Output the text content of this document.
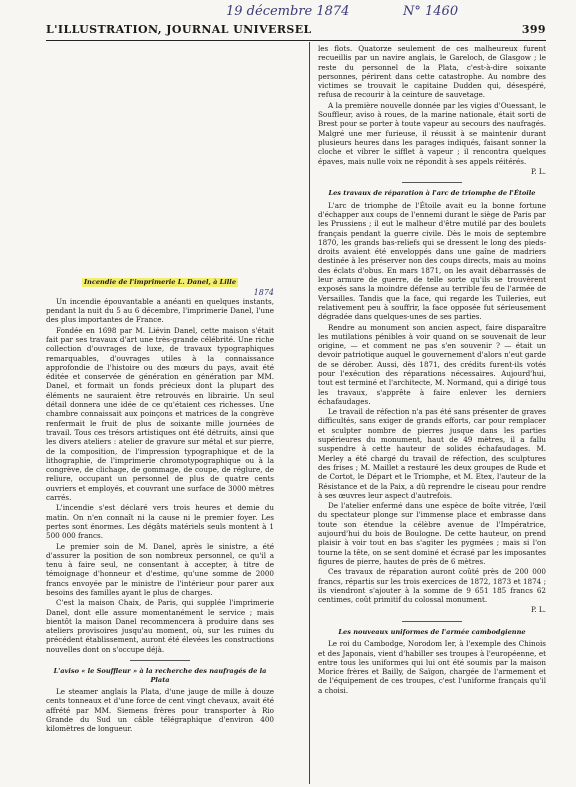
19 décembre 1874	N° 1460
L'ILLUSTRATION, JOURNAL UNIVERSEL	399
Incendie de l'imprimerie L. Danel, à Lille
1874

Un incendie épouvantable a anéanti en quelques instants, pendant la nuit du 5 au 6 décembre, l'imprimerie Danel, l'une des plus importantes de France.

Fondée en 1698 par M. Liévin Danel, cette maison s'était fait par ses travaux d'art une très-grande célébrité. Une riche collection d'ouvrages de luxe, de travaux typographiques remarquables, d'ouvrages utiles à la connaissance approfondie de l'histoire ou des mœurs du pays, avait été éditée et conservée de génération en génération par MM. Danel, et formait un fonds précieux dont la plupart des éléments ne sauraient être retrouvés en librairie. Un seul détail donnera une idée de ce qu'étaient ces richesses. Une chambre connaissait aux poinçons et matrices de la congrève renfermait le fruit de plus de soixante mille journées de travail. Tous ces trésors artistiques ont été détruits, ainsi que les divers ateliers : atelier de gravure sur métal et sur pierre, de la composition, de l'impression typographique et de la lithographie, de l'imprimerie chromotypographique ou à la congrève, de clichage, de gommage, de coupe, de réglure, de reliure, occupant un personnel de plus de quatre cents ouvriers et employés, et couvrant une surface de 3000 mètres carrés.

L'incendie s'est déclaré vers trois heures et demie du matin. On n'en connaît ni la cause ni le premier foyer. Les pertes sont énormes. Les dégâts matériels seuls montent à 1 500 000 francs.

Le premier soin de M. Danel, après le sinistre, a été d'assurer la position de son nombreux personnel, ce qu'il a tenu à faire seul, ne consentant à accepter, à titre de témoignage d'honneur et d'estime, qu'une somme de 2000 francs envoyée par le ministre de l'intérieur pour parer aux besoins des familles ayant le plus de charges.

C'est la maison Chaix, de Paris, qui supplée l'imprimerie Danel, dont elle assure momentanément le service ; mais bientôt la maison Danel recommencera à produire dans ses ateliers provisoires jusqu'au moment, où, sur les ruines du précédent établissement, auront été élevées les constructions nouvelles dont on s'occupe déjà.

L'aviso « le Souffleur » à la recherche des naufragés de la Plata

Le steamer anglais la Plata, d'une jauge de mille à douze cents tonneaux et d'une force de cent vingt chevaux, avait été affrété par MM. Siemens frères pour transporter à Rio Grande du Sud un câble télégraphique d'environ 400 kilomètres de longueur.

les flots. Quatorze seulement de ces malheureux furent recueillis par un navire anglais, le Gareloch, de Glasgow ; le reste du personnel de la Plata, c'est-à-dire soixante personnes, périrent dans cette catastrophe. Au nombre des victimes se trouvait le capitaine Dudden qui, désespéré, refusa de recourir à la ceinture de sauvetage.

A la première nouvelle donnée par les vigies d'Ouessant, le Souffleur, aviso à roues, de la marine nationale, était sorti de Brest pour se porter à toute vapeur au secours des naufragés. Malgré une mer furieuse, il réussit à se maintenir durant plusieurs heures dans les parages indiqués, faisant sonner la cloche et vibrer le sifflet à vapeur ; il rencontra quelques épaves, mais nulle voix ne répondit à ses appels réitérés.

P. L.

Les travaux de réparation à l'arc de triomphe de l'Étoile

L'arc de triomphe de l'Étoile avait eu la bonne fortune d'échapper aux coups de l'ennemi durant le siège de Paris par les Prussiens ; il eut le malheur d'être mutilé par des boulets français pendant la guerre civile. Dès le mois de septembre 1870, les grands bas-reliefs qui se dressent le long des pieds-droits avaient été enveloppés dans une gaîne de madriers destinée à les préserver non des coups directs, mais au moins des éclats d'obus. En mars 1871, on les avait débarrassés de leur armure de guerre, de telle sorte qu'ils se trouvèrent exposés sans la moindre défense au terrible feu de l'armée de Versailles. Tandis que la face, qui regarde les Tuileries, eut relativement peu à souffrir, la face opposée fut sérieusement dégradée dans quelques-unes de ses parties.

Rendre au monument son ancien aspect, faire disparaître les mutilations pénibles à voir quand on se souvenait de leur origine, — et comment ne pas s'en souvenir ? — était un devoir patriotique auquel le gouvernement d'alors n'eut garde de se dérober. Aussi, dès 1871, des crédits furent-ils votés pour l'exécution des réparations nécessaires. Aujourd'hui, tout est terminé et l'architecte, M. Normand, qui a dirigé tous les travaux, s'apprête à faire enlever les derniers échafaudages.

Le travail de réfection n'a pas été sans présenter de graves difficultés, sans exiger de grands efforts, car pour remplacer et sculpter nombre de pierres jusque dans les parties supérieures du monument, haut de 49 mètres, il a fallu suspendre à cette hauteur de solides échafaudages. M. Merley a été chargé du travail de réfection, des sculptures des frises ; M. Maillet a restauré les deux groupes de Rude et de Cortot, le Départ et le Triomphe, et M. Etex, l'auteur de la Résistance et de la Paix, a dû reprendre le ciseau pour rendre à ses œuvres leur aspect d'autrefois.

De l'atelier enfermé dans une espèce de boîte vitrée, l'œil du spectateur plonge sur l'immense place et embrasse dans toute son étendue la célèbre avenue de l'Impératrice, aujourd'hui du bois de Boulogne. De cette hauteur, on prend plaisir à voir tout en bas s'agiter les pygmées ; mais si l'on tourne la tête, on se sent dominé et écrasé par les imposantes figures de pierre, hautes de près de 6 mètres.

Ces travaux de réparation auront coûté près de 200 000 francs, répartis sur les trois exercices de 1872, 1873 et 1874 ; ils viendront s'ajouter à la somme de 9 651 185 francs 62 centimes, coût primitif du colossal monument.

P. L.

Les nouveaux uniformes de l'armée cambodgienne

Le roi du Cambodge, Norodom Ier, à l'exemple des Chinois et des Japonais, vient d'habiller ses troupes à l'européenne, et entre tous les uniformes qui lui ont été soumis par la maison Morice frères et Bailly, de Saïgon, chargée de l'armement et de l'équipement de ces troupes, c'est l'uniforme français qu'il a choisi.
